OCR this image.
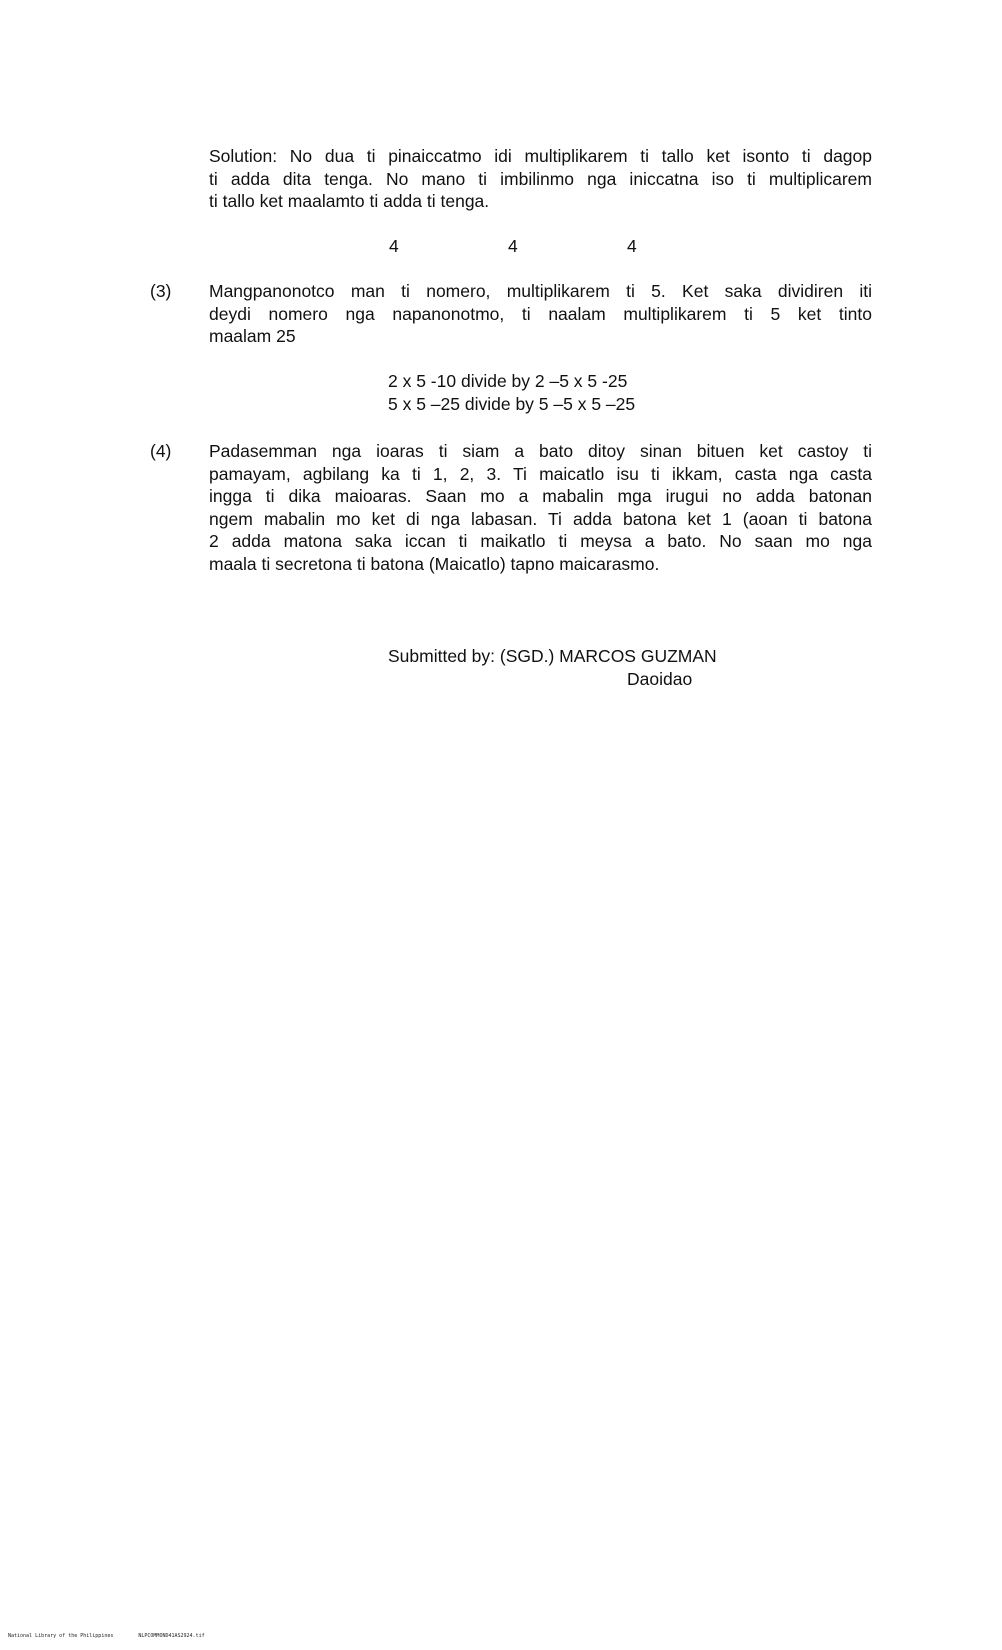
Solution: No dua ti pinaiccatmo idi multiplikarem ti tallo ket isonto ti dagop
ti adda dita tenga. No mano ti imbilinmo nga iniccatna iso ti multiplicarem
ti tallo ket maalamto ti adda ti tenga.
4	4	4
(3) Mangpanonotco man ti nomero, multiplikarem ti 5. Ket saka dividiren iti
deydi nomero nga napanonotmo, ti naalam multiplikarem ti 5 ket tinto
maalam 25
2 x 5 -10 divide by 2 –5 x 5 -25
5 x 5 –25 divide by 5 –5 x 5 –25
(4) Padasemman nga ioaras ti siam a bato ditoy sinan bituen ket castoy ti
pamayam, agbilang ka ti 1, 2, 3. Ti maicatlo isu ti ikkam, casta nga casta
ingga ti dika maioaras. Saan mo a mabalin mga irugui no adda batonan
ngem mabalin mo ket di nga labasan. Ti adda batona ket 1 (aoan ti batona
2 adda matona saka iccan ti maikatlo ti meysa a bato. No saan mo nga
maala ti secretona ti batona (Maicatlo) tapno maicarasmo.
Submitted by: (SGD.) MARCOS GUZMAN
Daoidao
National Library of the Philippines	NLPCOMMOND41AS2924.tif
